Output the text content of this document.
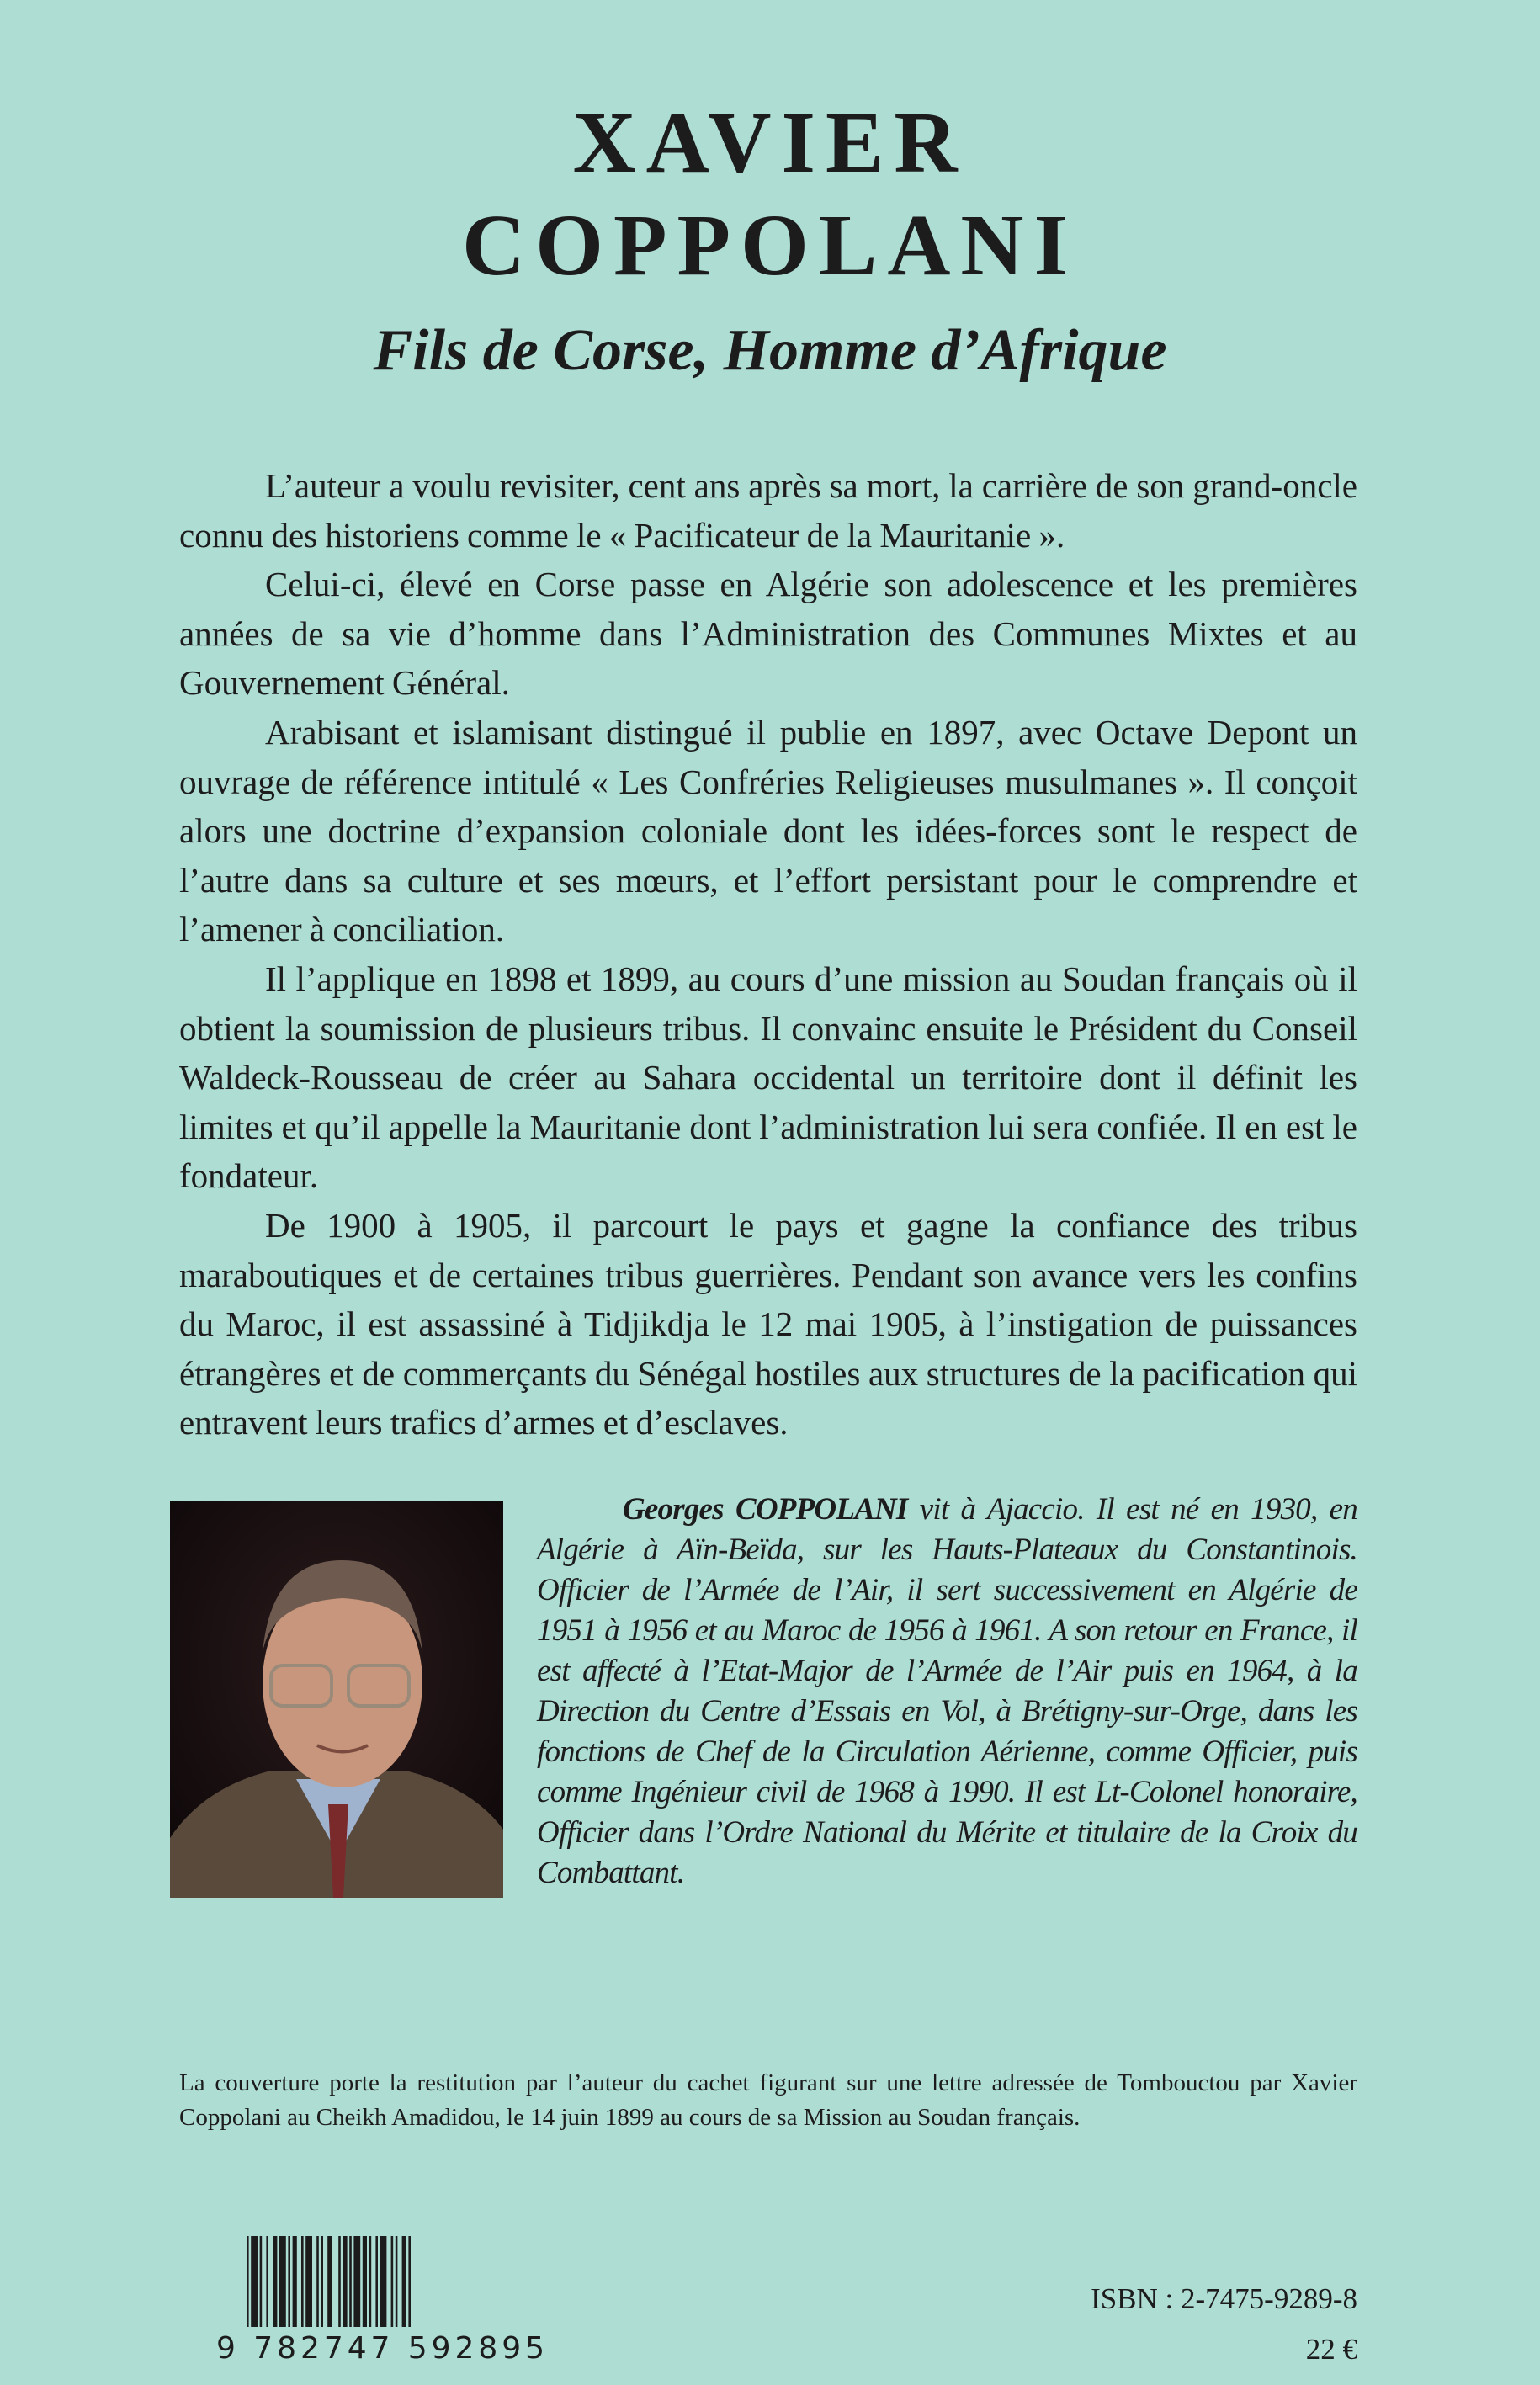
XAVIER
COPPOLANI
Fils de Corse, Homme d’Afrique

L’auteur a voulu revisiter, cent ans après sa mort, la carrière de son grand-oncle connu des historiens comme le « Pacificateur de la Mauritanie ».

Celui-ci, élevé en Corse passe en Algérie son adolescence et les premières années de sa vie d’homme dans l’Administration des Communes Mixtes et au Gouvernement Général.

Arabisant et islamisant distingué il publie en 1897, avec Octave Depont un ouvrage de référence intitulé « Les Confréries Religieuses musulmanes ». Il conçoit alors une doctrine d’expansion coloniale dont les idées-forces sont le respect de l’autre dans sa culture et ses mœurs, et l’effort persistant pour le comprendre et l’amener à conciliation.

Il l’applique en 1898 et 1899, au cours d’une mission au Soudan français où il obtient la soumission de plusieurs tribus. Il convainc ensuite le Président du Conseil Waldeck-Rousseau de créer au Sahara occidental un territoire dont il définit les limites et qu’il appelle la Mauritanie dont l’administration lui sera confiée. Il en est le fondateur.

De 1900 à 1905, il parcourt le pays et gagne la confiance des tribus maraboutiques et de certaines tribus guerrières. Pendant son avance vers les confins du Maroc, il est assassiné à Tidjikdja le 12 mai 1905, à l’instigation de puissances étrangères et de commerçants du Sénégal hostiles aux structures de la pacification qui entravent leurs trafics d’armes et d’esclaves.

Georges COPPOLANI vit à Ajaccio. Il est né en 1930, en Algérie à Aïn-Beïda, sur les Hauts-Plateaux du Constantinois. Officier de l’Armée de l’Air, il sert successivement en Algérie de 1951 à 1956 et au Maroc de 1956 à 1961. A son retour en France, il est affecté à l’Etat-Major de l’Armée de l’Air puis en 1964, à la Direction du Centre d’Essais en Vol, à Brétigny-sur-Orge, dans les fonctions de Chef de la Circulation Aérienne, comme Officier, puis comme Ingénieur civil de 1968 à 1990. Il est Lt-Colonel honoraire, Officier dans l’Ordre National du Mérite et titulaire de la Croix du Combattant.

La couverture porte la restitution par l’auteur du cachet figurant sur une lettre adressée de Tombouctou par Xavier Coppolani au Cheikh Amadidou, le 14 juin 1899 au cours de sa Mission au Soudan français.
9 782747 592895
ISBN : 2-7475-9289-8
22 €
